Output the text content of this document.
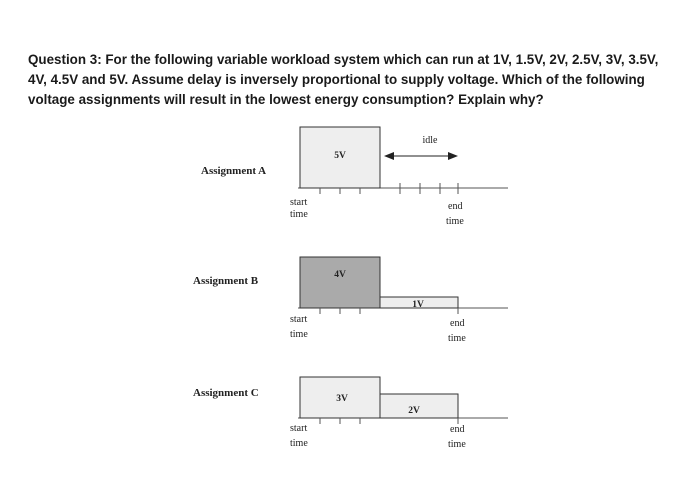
Question 3: For the following variable workload system which can run at 1V, 1.5V, 2V, 2.5V, 3V, 3.5V, 4V, 4.5V and 5V. Assume delay is inversely proportional to supply voltage. Which of the following voltage assignments will result in the lowest energy consumption? Explain why?

Assignment A
5V
idle
start
time
end
time
Assignment B	4V
1V
start
time
end
time
Assignment C	3V
2V
start
time
end
time
